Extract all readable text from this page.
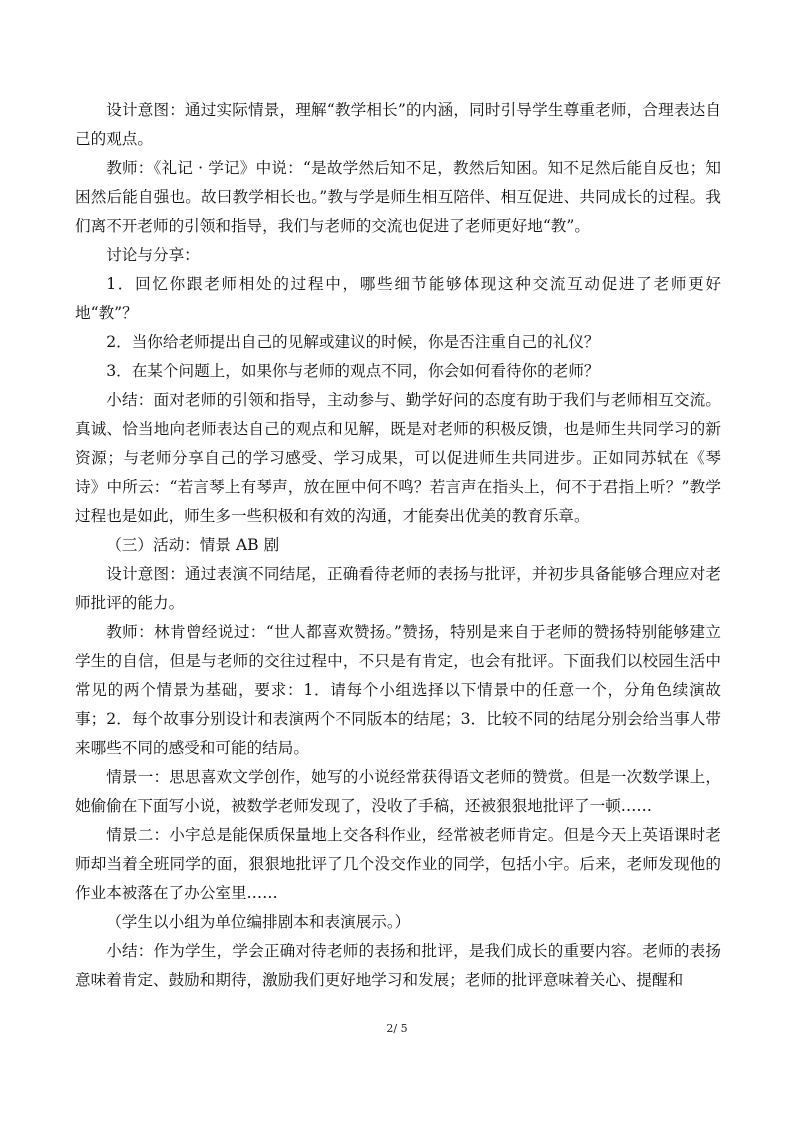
设计意图：通过实际情景，理解“教学相长”的内涵，同时引导学生尊重老师，合理表达自己的观点。

教师：《礼记 · 学记》中说：“是故学然后知不足，教然后知困。知不足然后能自反也；知困然后能自强也。故曰教学相长也。”教与学是师生相互陪伴、相互促进、共同成长的过程。我们离不开老师的引领和指导，我们与老师的交流也促进了老师更好地“教”。

讨论与分享：

1．回忆你跟老师相处的过程中，哪些细节能够体现这种交流互动促进了老师更好地“教”？

2．当你给老师提出自己的见解或建议的时候，你是否注重自己的礼仪？

3．在某个问题上，如果你与老师的观点不同，你会如何看待你的老师？

小结：面对老师的引领和指导，主动参与、勤学好问的态度有助于我们与老师相互交流。真诚、恰当地向老师表达自己的观点和见解，既是对老师的积极反馈，也是师生共同学习的新资源；与老师分享自己的学习感受、学习成果，可以促进师生共同进步。正如同苏轼在《琴诗》中所云：“若言琴上有琴声，放在匣中何不鸣？若言声在指头上，何不于君指上听？”教学过程也是如此，师生多一些积极和有效的沟通，才能奏出优美的教育乐章。

（三）活动：情景 AB 剧

设计意图：通过表演不同结尾，正确看待老师的表扬与批评，并初步具备能够合理应对老师批评的能力。

教师：林肯曾经说过：“世人都喜欢赞扬。”赞扬，特别是来自于老师的赞扬特别能够建立学生的自信，但是与老师的交往过程中，不只是有肯定，也会有批评。下面我们以校园生活中常见的两个情景为基础，要求：1．请每个小组选择以下情景中的任意一个，分角色续演故事；2．每个故事分别设计和表演两个不同版本的结尾；3．比较不同的结尾分别会给当事人带来哪些不同的感受和可能的结局。

情景一：思思喜欢文学创作，她写的小说经常获得语文老师的赞赏。但是一次数学课上，她偷偷在下面写小说，被数学老师发现了，没收了手稿，还被狠狠地批评了一顿……

情景二：小宇总是能保质保量地上交各科作业，经常被老师肯定。但是今天上英语课时老师却当着全班同学的面，狠狠地批评了几个没交作业的同学，包括小宇。后来，老师发现他的作业本被落在了办公室里……

（学生以小组为单位编排剧本和表演展示。）

小结：作为学生，学会正确对待老师的表扬和批评，是我们成长的重要内容。老师的表扬意味着肯定、鼓励和期待，激励我们更好地学习和发展；老师的批评意味着关心、提醒和

2/ 5
